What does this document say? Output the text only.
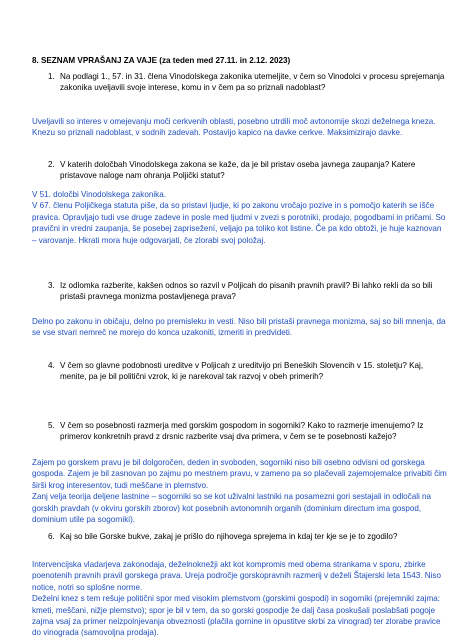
8. SEZNAM VPRAŠANJ ZA VAJE (za teden med 27.11. in 2.12. 2023)
1. Na podlagi 1., 57. in 31. člena Vinodolskega zakonika utemeljite, v čem so Vinodolci v procesu sprejemanja zakonika uveljavili svoje interese, komu in v čem pa so priznali nadoblast?

Uveljavili so interes v omejevanju moči cerkvenih oblasti, posebno utrdili moč avtonomije skozi deželnega kneza. Knezu so priznali nadoblast, v sodnih zadevah. Postavijo kapico na davke cerkve. Maksimizirajo davke.

2. V katerih določbah Vinodolskega zakona se kaže, da je bil pristav oseba javnega zaupanja? Katere pristavove naloge nam ohranja Poljički statut?

V 51. določbi Vinodolskega zakonika.

V 67. členu Poljičkega statuta piše, da so pristavi ljudje, ki po zakonu vročajo pozive in s pomočjo katerih se išče pravica. Opravljajo tudi vse druge zadeve in posle med ljudmi v zvezi s porotniki, prodajo, pogodbami in pričami. So pravični in vredni zaupanja, še posebej zaprisežení, veljajo pa toliko kot listine. Če pa kdo obtoži, je huje kaznovan – varovanje. Hkrati mora huje odgovarjati, če zlorabi svoj položaj.

3. Iz odlomka razberite, kakšen odnos so razvil v Poljicah do pisanih pravnih pravil? Bi lahko rekli da so bili pristaši pravnega monizma postavljenega prava?

Delno po zakonu in običaju, delno po premisleku in vesti. Niso bili pristaši pravnega monizma, saj so bili mnenja, da se vse stvari nemreč ne morejo do konca uzakoniti, izmeriti in predvideti.

4. V čem so glavne podobnosti ureditve v Poljicah z ureditvijo pri Beneških Slovencih v 15. stoletju? Kaj, menite, pa je bil politični vzrok, ki je narekoval tak razvoj v obeh primerih?
5. V čem so posebnosti razmerja med gorskim gospodom in sogorniki? Kako to razmerje imenujemo? Iz primerov konkretnih pravd z drsnic razberite vsaj dva primera, v čem se te posebnosti kažejo?

Zajem po gorskem pravu je bil dolgoročen, deden in svoboden, sogorniki niso bili osebno odvisni od gorskega gospoda. Zajem je bil zasnovan po zajmu po mestnem pravu, v zameno pa so plačevali zajemojemalce privabiti čim širši krog interesentov, tudi meščane in plemstvo.

Zanj velja teorija deljene lastnine – sogorniki so se kot uživalni lastniki na posamezni gori sestajali in odločali na gorskih pravdah (v okviru gorskih zborov) kot posebnih avtonomnih organih (dominium directum ima gospod, dominium utile pa sogorniki).

6. Kaj so bile Gorske bukve, zakaj je prišlo do njihovega sprejema in kdaj ter kje se je to zgodilo?

Intervencijska vladarjeva zakonodaja, deželnoknežji akt kot kompromis med obema strankama v sporu, zbirke poenotenih pravnih pravil gorskega prava. Ureja področje gorskopravnih razmerij v deželi Štajerski leta 1543. Niso notice, notri so splošne norme.

Deželni knez s tem rešuje politični spor med visokim plemstvom (gorskimi gospodi) in sogorniki (prejemniki zajma: kmeti, meščani, nižje plemstvo); spor je bil v tem, da so gorski gospodje že dalj časa poskušali poslabšati pogoje zajma vsaj za primer neizpolnjevanja obveznosti (plačila gornine in opustitve skrbi za vinograd) ter zlorabe pravice do vinograda (samovoljna prodaja).
